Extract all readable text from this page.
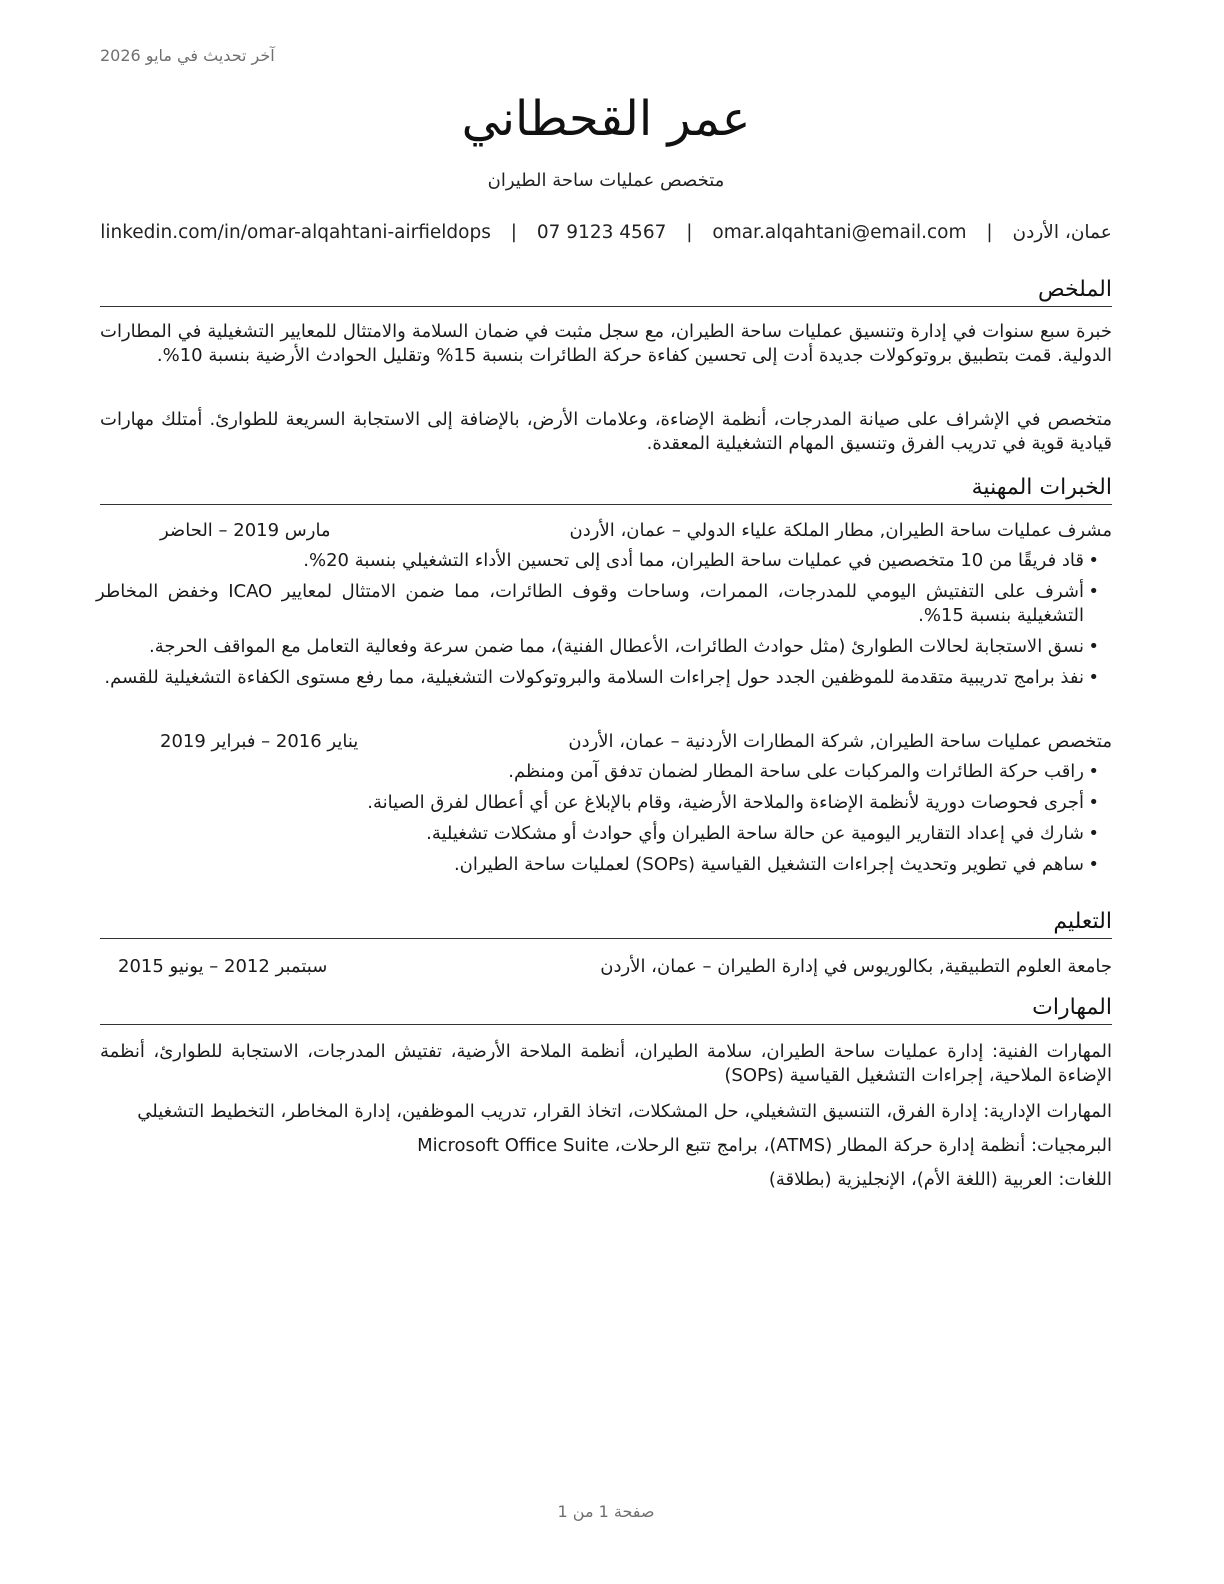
آخر تحديث في مايو 2026
عمر القحطاني
متخصص عمليات ساحة الطيران
عمان، الأردن | omar.alqahtani@email.com | 07 9123 4567 | linkedin.com/in/omar-alqahtani-airfieldops
الملخص
خبرة سبع سنوات في إدارة وتنسيق عمليات ساحة الطيران، مع سجل مثبت في ضمان السلامة والامتثال للمعايير التشغيلية في المطارات الدولية. قمت بتطبيق بروتوكولات جديدة أدت إلى تحسين كفاءة حركة الطائرات بنسبة 15% وتقليل الحوادث الأرضية بنسبة 10%.
متخصص في الإشراف على صيانة المدرجات، أنظمة الإضاءة، وعلامات الأرض، بالإضافة إلى الاستجابة السريعة للطوارئ. أمتلك مهارات قيادية قوية في تدريب الفرق وتنسيق المهام التشغيلية المعقدة.
الخبرات المهنية
مشرف عمليات ساحة الطيران, مطار الملكة علياء الدولي – عمان، الأردن
مارس 2019 – الحاضر
• قاد فريقًا من 10 متخصصين في عمليات ساحة الطيران، مما أدى إلى تحسين الأداء التشغيلي بنسبة 20%.
• أشرف على التفتيش اليومي للمدرجات، الممرات، وساحات وقوف الطائرات، مما ضمن الامتثال لمعايير ICAO وخفض المخاطر التشغيلية بنسبة 15%.
• نسق الاستجابة لحالات الطوارئ (مثل حوادث الطائرات، الأعطال الفنية)، مما ضمن سرعة وفعالية التعامل مع المواقف الحرجة.
• نفذ برامج تدريبية متقدمة للموظفين الجدد حول إجراءات السلامة والبروتوكولات التشغيلية، مما رفع مستوى الكفاءة التشغيلية للقسم.
متخصص عمليات ساحة الطيران, شركة المطارات الأردنية – عمان، الأردن
يناير 2016 – فبراير 2019
• راقب حركة الطائرات والمركبات على ساحة المطار لضمان تدفق آمن ومنظم.
• أجرى فحوصات دورية لأنظمة الإضاءة والملاحة الأرضية، وقام بالإبلاغ عن أي أعطال لفرق الصيانة.
• شارك في إعداد التقارير اليومية عن حالة ساحة الطيران وأي حوادث أو مشكلات تشغيلية.
• ساهم في تطوير وتحديث إجراءات التشغيل القياسية (SOPs) لعمليات ساحة الطيران.
التعليم
جامعة العلوم التطبيقية, بكالوريوس في إدارة الطيران – عمان، الأردن
سبتمبر 2012 – يونيو 2015
المهارات
المهارات الفنية: إدارة عمليات ساحة الطيران، سلامة الطيران، أنظمة الملاحة الأرضية، تفتيش المدرجات، الاستجابة للطوارئ، أنظمة الإضاءة الملاحية، إجراءات التشغيل القياسية (SOPs)
المهارات الإدارية: إدارة الفرق، التنسيق التشغيلي، حل المشكلات، اتخاذ القرار، تدريب الموظفين، إدارة المخاطر، التخطيط التشغيلي
البرمجيات: أنظمة إدارة حركة المطار (ATMS)، برامج تتبع الرحلات، Microsoft Office Suite
اللغات: العربية (اللغة الأم)، الإنجليزية (بطلاقة)
صفحة 1 من 1
